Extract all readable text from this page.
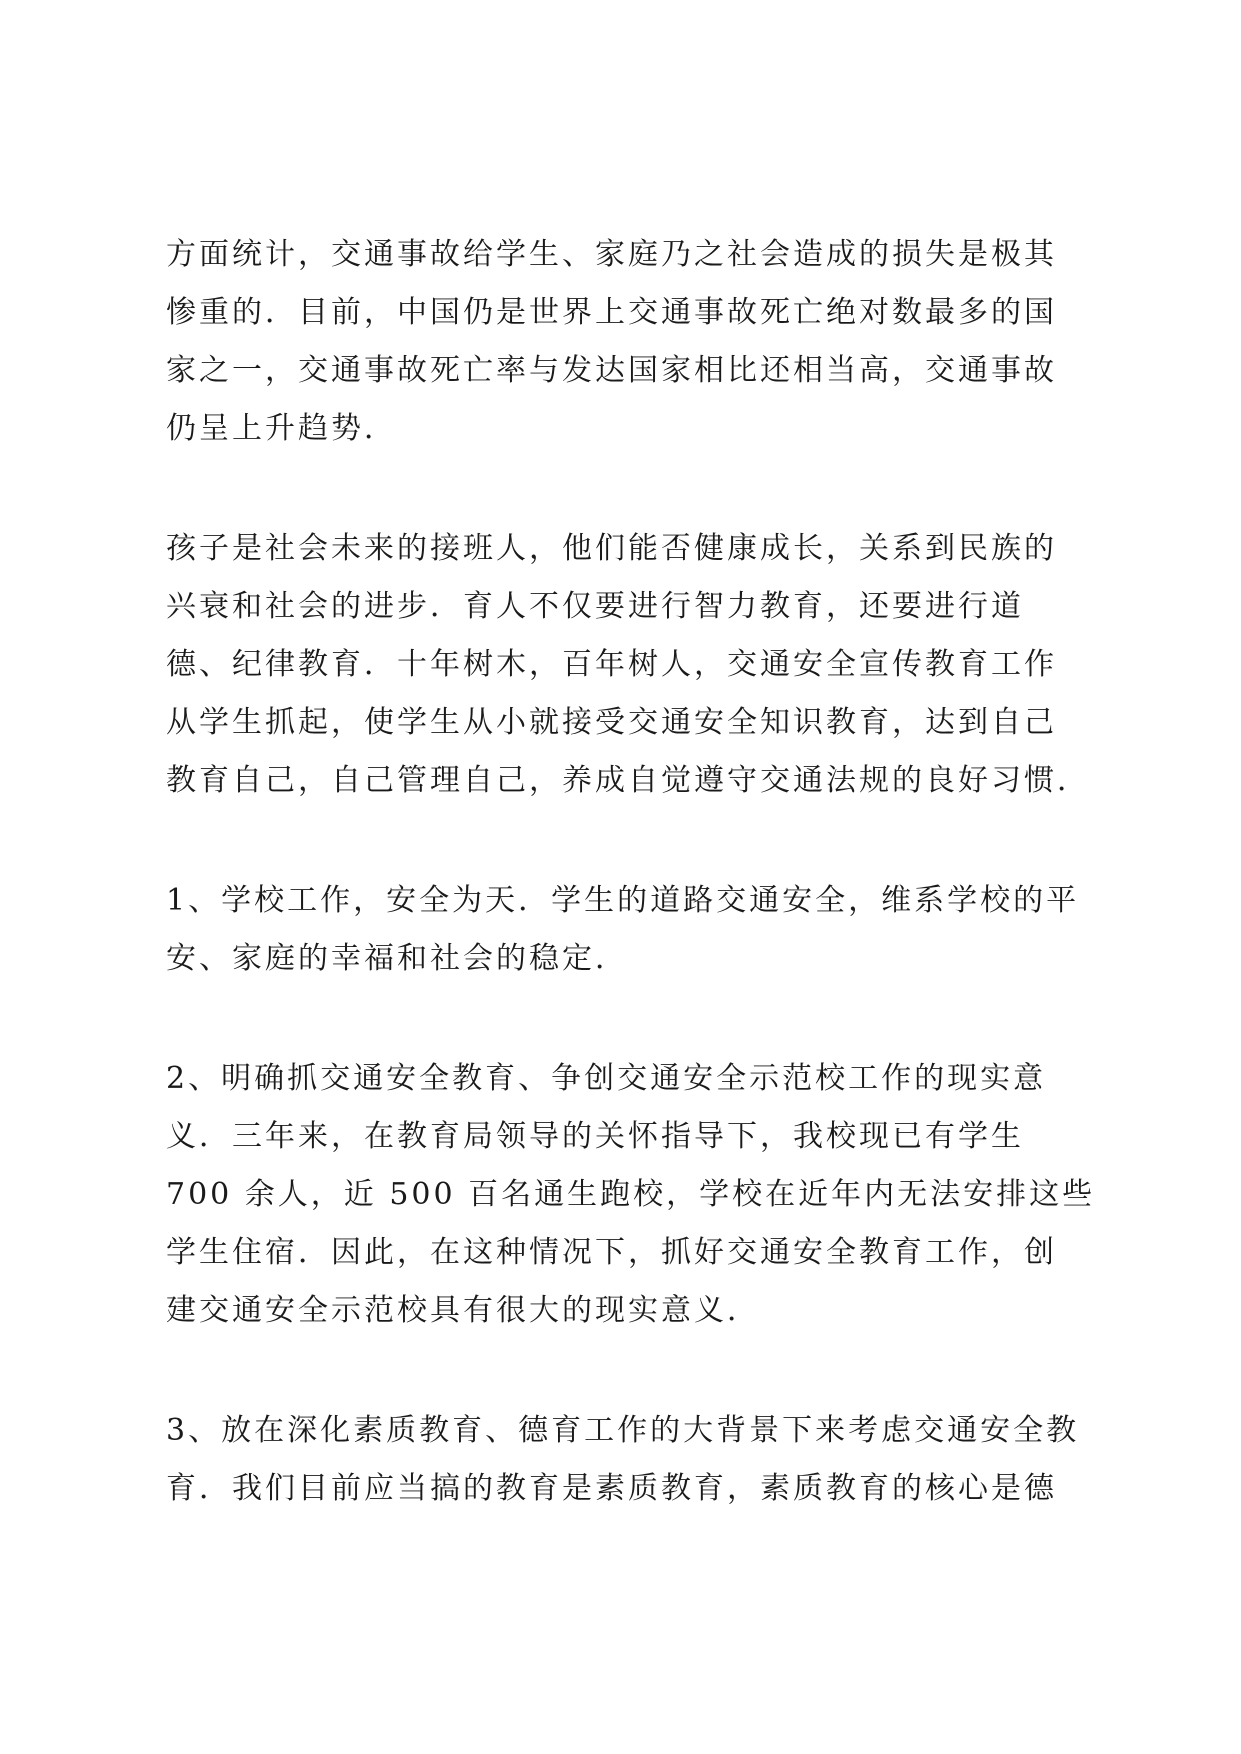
方面统计，交通事故给学生、家庭乃之社会造成的损失是极其
惨重的．目前，中国仍是世界上交通事故死亡绝对数最多的国
家之一，交通事故死亡率与发达国家相比还相当高，交通事故
仍呈上升趋势．
孩子是社会未来的接班人，他们能否健康成长，关系到民族的
兴衰和社会的进步．育人不仅要进行智力教育，还要进行道
德、纪律教育．十年树木，百年树人，交通安全宣传教育工作
从学生抓起，使学生从小就接受交通安全知识教育，达到自己
教育自己，自己管理自己，养成自觉遵守交通法规的良好习惯．
1、学校工作，安全为天．学生的道路交通安全，维系学校的平
安、家庭的幸福和社会的稳定．
2、明确抓交通安全教育、争创交通安全示范校工作的现实意
义．三年来，在教育局领导的关怀指导下，我校现已有学生
700 余人，近 500 百名通生跑校，学校在近年内无法安排这些
学生住宿．因此，在这种情况下，抓好交通安全教育工作，创
建交通安全示范校具有很大的现实意义．
3、放在深化素质教育、德育工作的大背景下来考虑交通安全教
育．我们目前应当搞的教育是素质教育，素质教育的核心是德
